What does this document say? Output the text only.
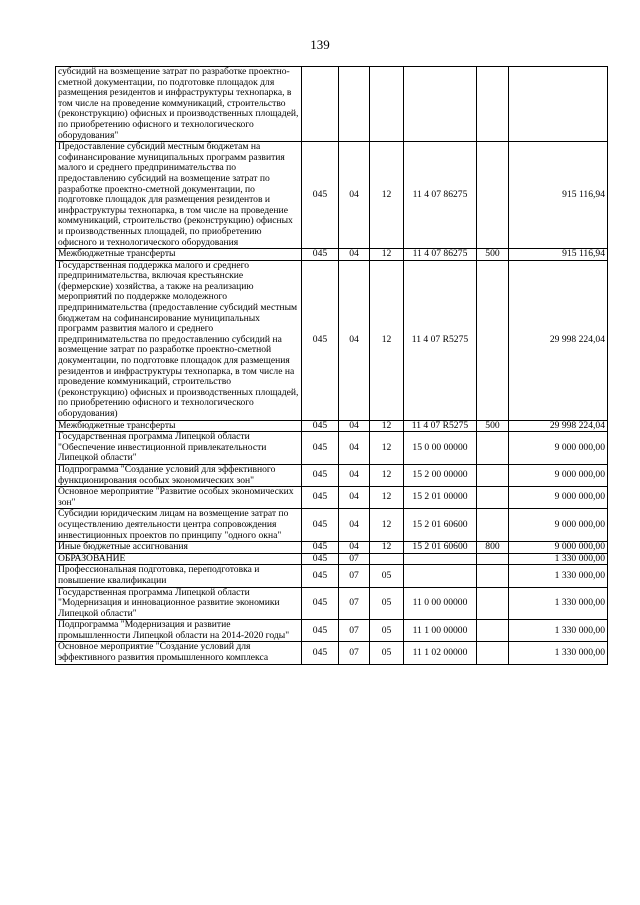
139
субсидий на возмещение затрат по разработке проектно-сметной документации, по подготовке площадок для размещения резидентов и инфраструктуры технопарка, в том числе на проведение коммуникаций, строительство (реконструкцию) офисных и производственных площадей, по приобретению офисного и технологического оборудования"						
Предоставление субсидий местным бюджетам на софинансирование муниципальных программ развития малого и среднего предпринимательства по предоставлению субсидий на возмещение затрат по разработке проектно-сметной документации, по подготовке площадок для размещения резидентов и инфраструктуры технопарка, в том числе на проведение коммуникаций, строительство (реконструкцию) офисных и производственных площадей, по приобретению офисного и технологического оборудования	045	04	12	11 4 07 86275		915 116,94
Межбюджетные трансферты	045	04	12	11 4 07 86275	500	915 116,94
Государственная поддержка малого и среднего предпринимательства, включая крестьянские (фермерские) хозяйства, а также на реализацию мероприятий по поддержке молодежного предпринимательства (предоставление субсидий местным бюджетам на софинансирование муниципальных программ развития малого и среднего предпринимательства по предоставлению субсидий на возмещение затрат по разработке проектно-сметной документации, по подготовке площадок для размещения резидентов и инфраструктуры технопарка, в том числе на проведение коммуникаций, строительство (реконструкцию) офисных и производственных площадей, по приобретению офисного и технологического оборудования)	045	04	12	11 4 07 R5275		29 998 224,04
Межбюджетные трансферты	045	04	12	11 4 07 R5275	500	29 998 224,04
Государственная программа Липецкой области "Обеспечение инвестиционной привлекательности Липецкой области"	045	04	12	15 0 00 00000		9 000 000,00
Подпрограмма "Создание условий для эффективного функционирования особых экономических зон"	045	04	12	15 2 00 00000		9 000 000,00
Основное мероприятие "Развитие особых экономических зон"	045	04	12	15 2 01 00000		9 000 000,00
Субсидии юридическим лицам на возмещение затрат по осуществлению деятельности центра сопровождения инвестиционных проектов по принципу "одного окна"	045	04	12	15 2 01 60600		9 000 000,00
Иные бюджетные ассигнования	045	04	12	15 2 01 60600	800	9 000 000,00
ОБРАЗОВАНИЕ	045	07				1 330 000,00
Профессиональная подготовка, переподготовка и повышение квалификации	045	07	05			1 330 000,00
Государственная программа Липецкой области "Модернизация и инновационное развитие экономики Липецкой области"	045	07	05	11 0 00 00000		1 330 000,00
Подпрограмма "Модернизация и развитие промышленности Липецкой области на 2014-2020 годы"	045	07	05	11 1 00 00000		1 330 000,00
Основное мероприятие "Создание условий для эффективного развития промышленного комплекса	045	07	05	11 1 02 00000		1 330 000,00
